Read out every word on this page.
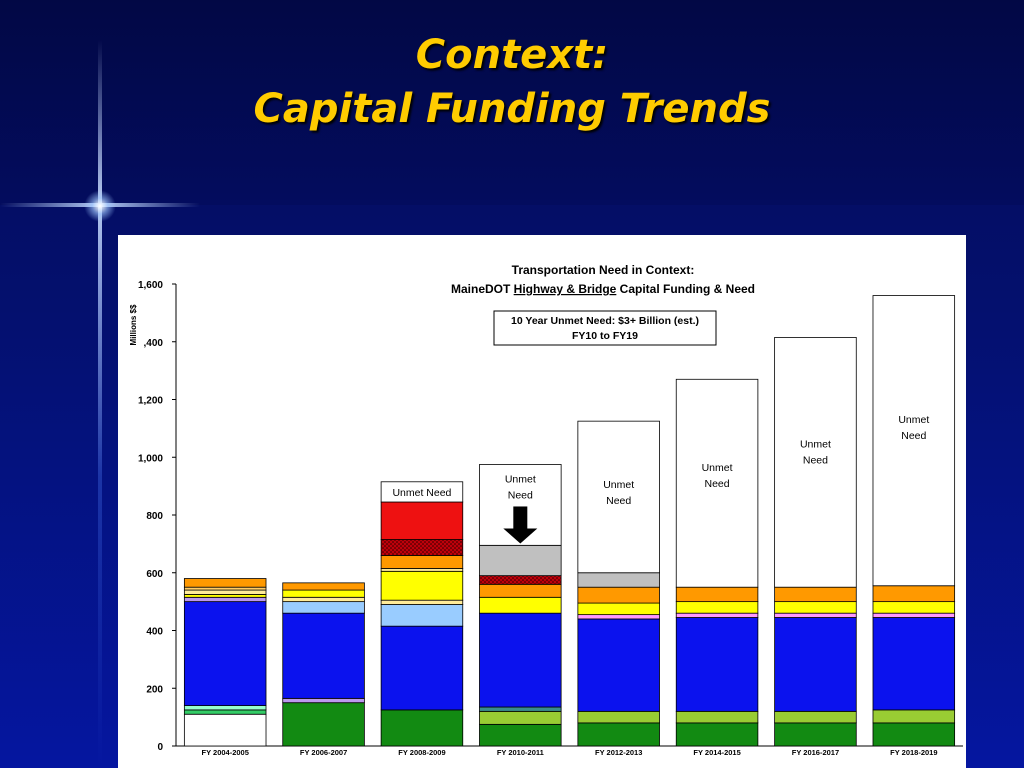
Context:
Capital Funding Trends
Transportation Need in Context:
MaineDOT Highway & Bridge Capital Funding & Need
10 Year Unmet Need: $3+ Billion (est.)
FY10 to FY19
Millions $$
0
200
400
600
800
1,000
1,200
,400
1,600
Unmet Need
Unmet
Need
Unmet
Need
Unmet
Need
Unmet
Need
Unmet
Need
FY 2004-2005	FY 2006-2007	FY 2008-2009	FY 2010-2011	FY 2012-2013	FY 2014-2015	FY 2016-2017	FY 2018-2019
